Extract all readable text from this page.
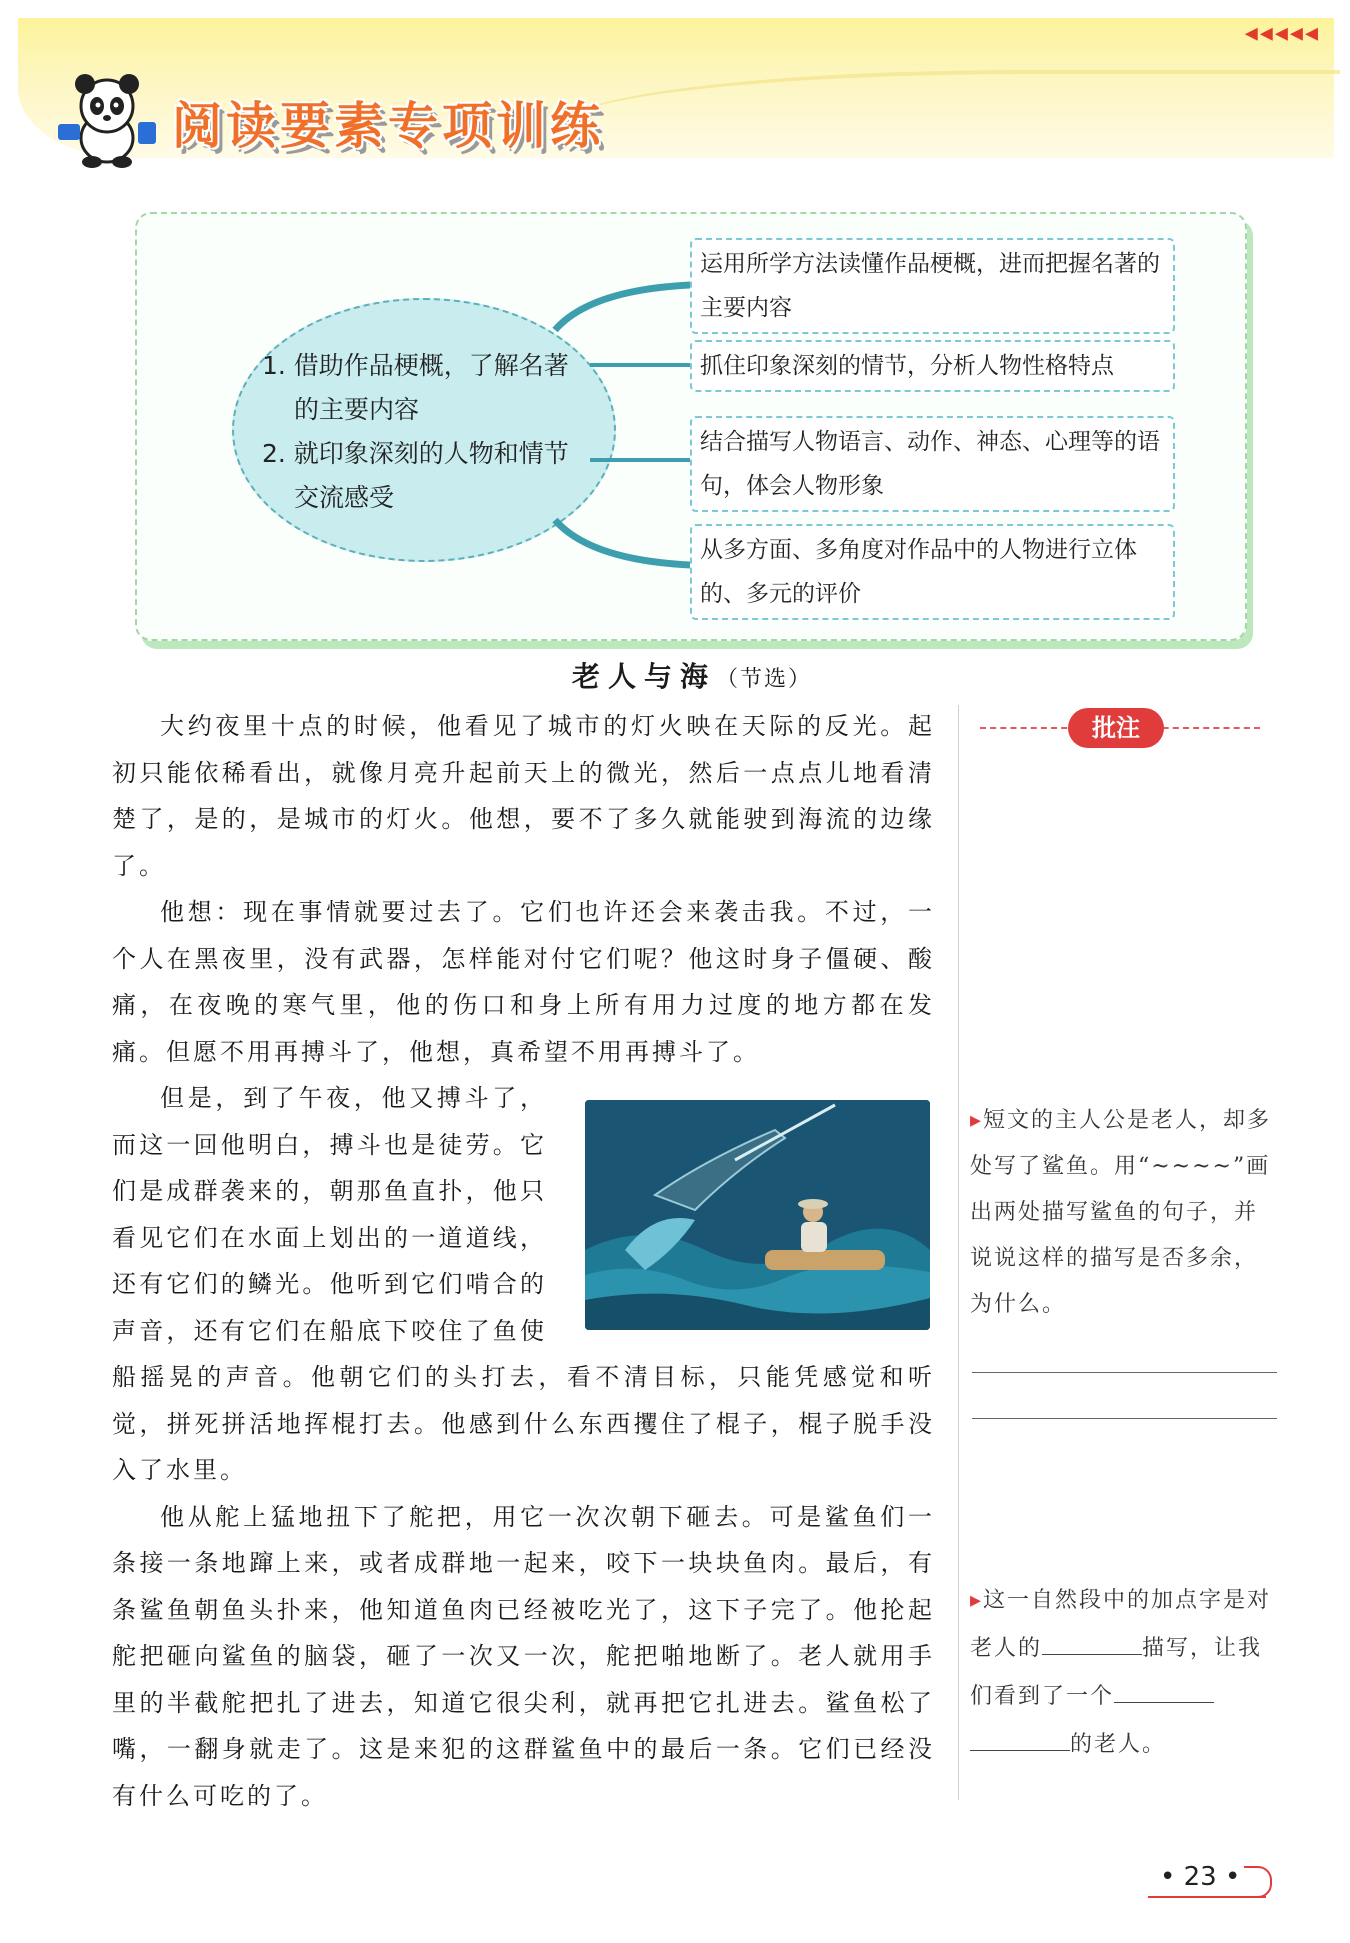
◂◂◂◂◂
阅读要素专项训练
1. 借助作品梗概，了解名著
的主要内容
2. 就印象深刻的人物和情节
交流感受
运用所学方法读懂作品梗概，进而把握名著的主要内容
抓住印象深刻的情节，分析人物性格特点
结合描写人物语言、动作、神态、心理等的语句，体会人物形象
从多方面、多角度对作品中的人物进行立体的、多元的评价
老人与海（节选）

大约夜里十点的时候，他看见了城市的灯火映在天际的反光。起初只能依稀看出，就像月亮升起前天上的微光，然后一点点儿地看清楚了，是的，是城市的灯火。他想，要不了多久就能驶到海流的边缘了。

他想：现在事情就要过去了。它们也许还会来袭击我。不过，一个人在黑夜里，没有武器，怎样能对付它们呢？他这时身子僵硬、酸痛，在夜晚的寒气里，他的伤口和身上所有用力过度的地方都在发痛。但愿不用再搏斗了，他想，真希望不用再搏斗了。

但是，到了午夜，他又搏斗了，而这一回他明白，搏斗也是徒劳。它们是成群袭来的，朝那鱼直扑，他只看见它们在水面上划出的一道道线，还有它们的鳞光。他听到它们啃合的声音，还有它们在船底下咬住了鱼使船摇晃的声音。他朝它们的头打去，看不清目标，只能凭感觉和听觉，拼死拼活地挥棍打去。他感到什么东西攫住了棍子，棍子脱手没入了水里。

他从舵上猛地扭下了舵把，用它一次次朝下砸去。可是鲨鱼们一条接一条地蹿上来，或者成群地一起来，咬下一块块鱼肉。最后，有条鲨鱼朝鱼头扑来，他知道鱼肉已经被吃光了，这下子完了。他抡起舵把砸向鲨鱼的脑袋，砸了一次又一次，舵把啪地断了。老人就用手里的半截舵把扎了进去，知道它很尖利，就再把它扎进去。鲨鱼松了嘴，一翻身就走了。这是来犯的这群鲨鱼中的最后一条。它们已经没有什么可吃的了。

批注
▸短文的主人公是老人，却多处写了鲨鱼。用“~~~~”画出两处描写鲨鱼的句子，并说说这样的描写是否多余，为什么。
▸这一自然段中的加点字是对老人的	描写，让我们看到了一个的老人。
• 23 •
